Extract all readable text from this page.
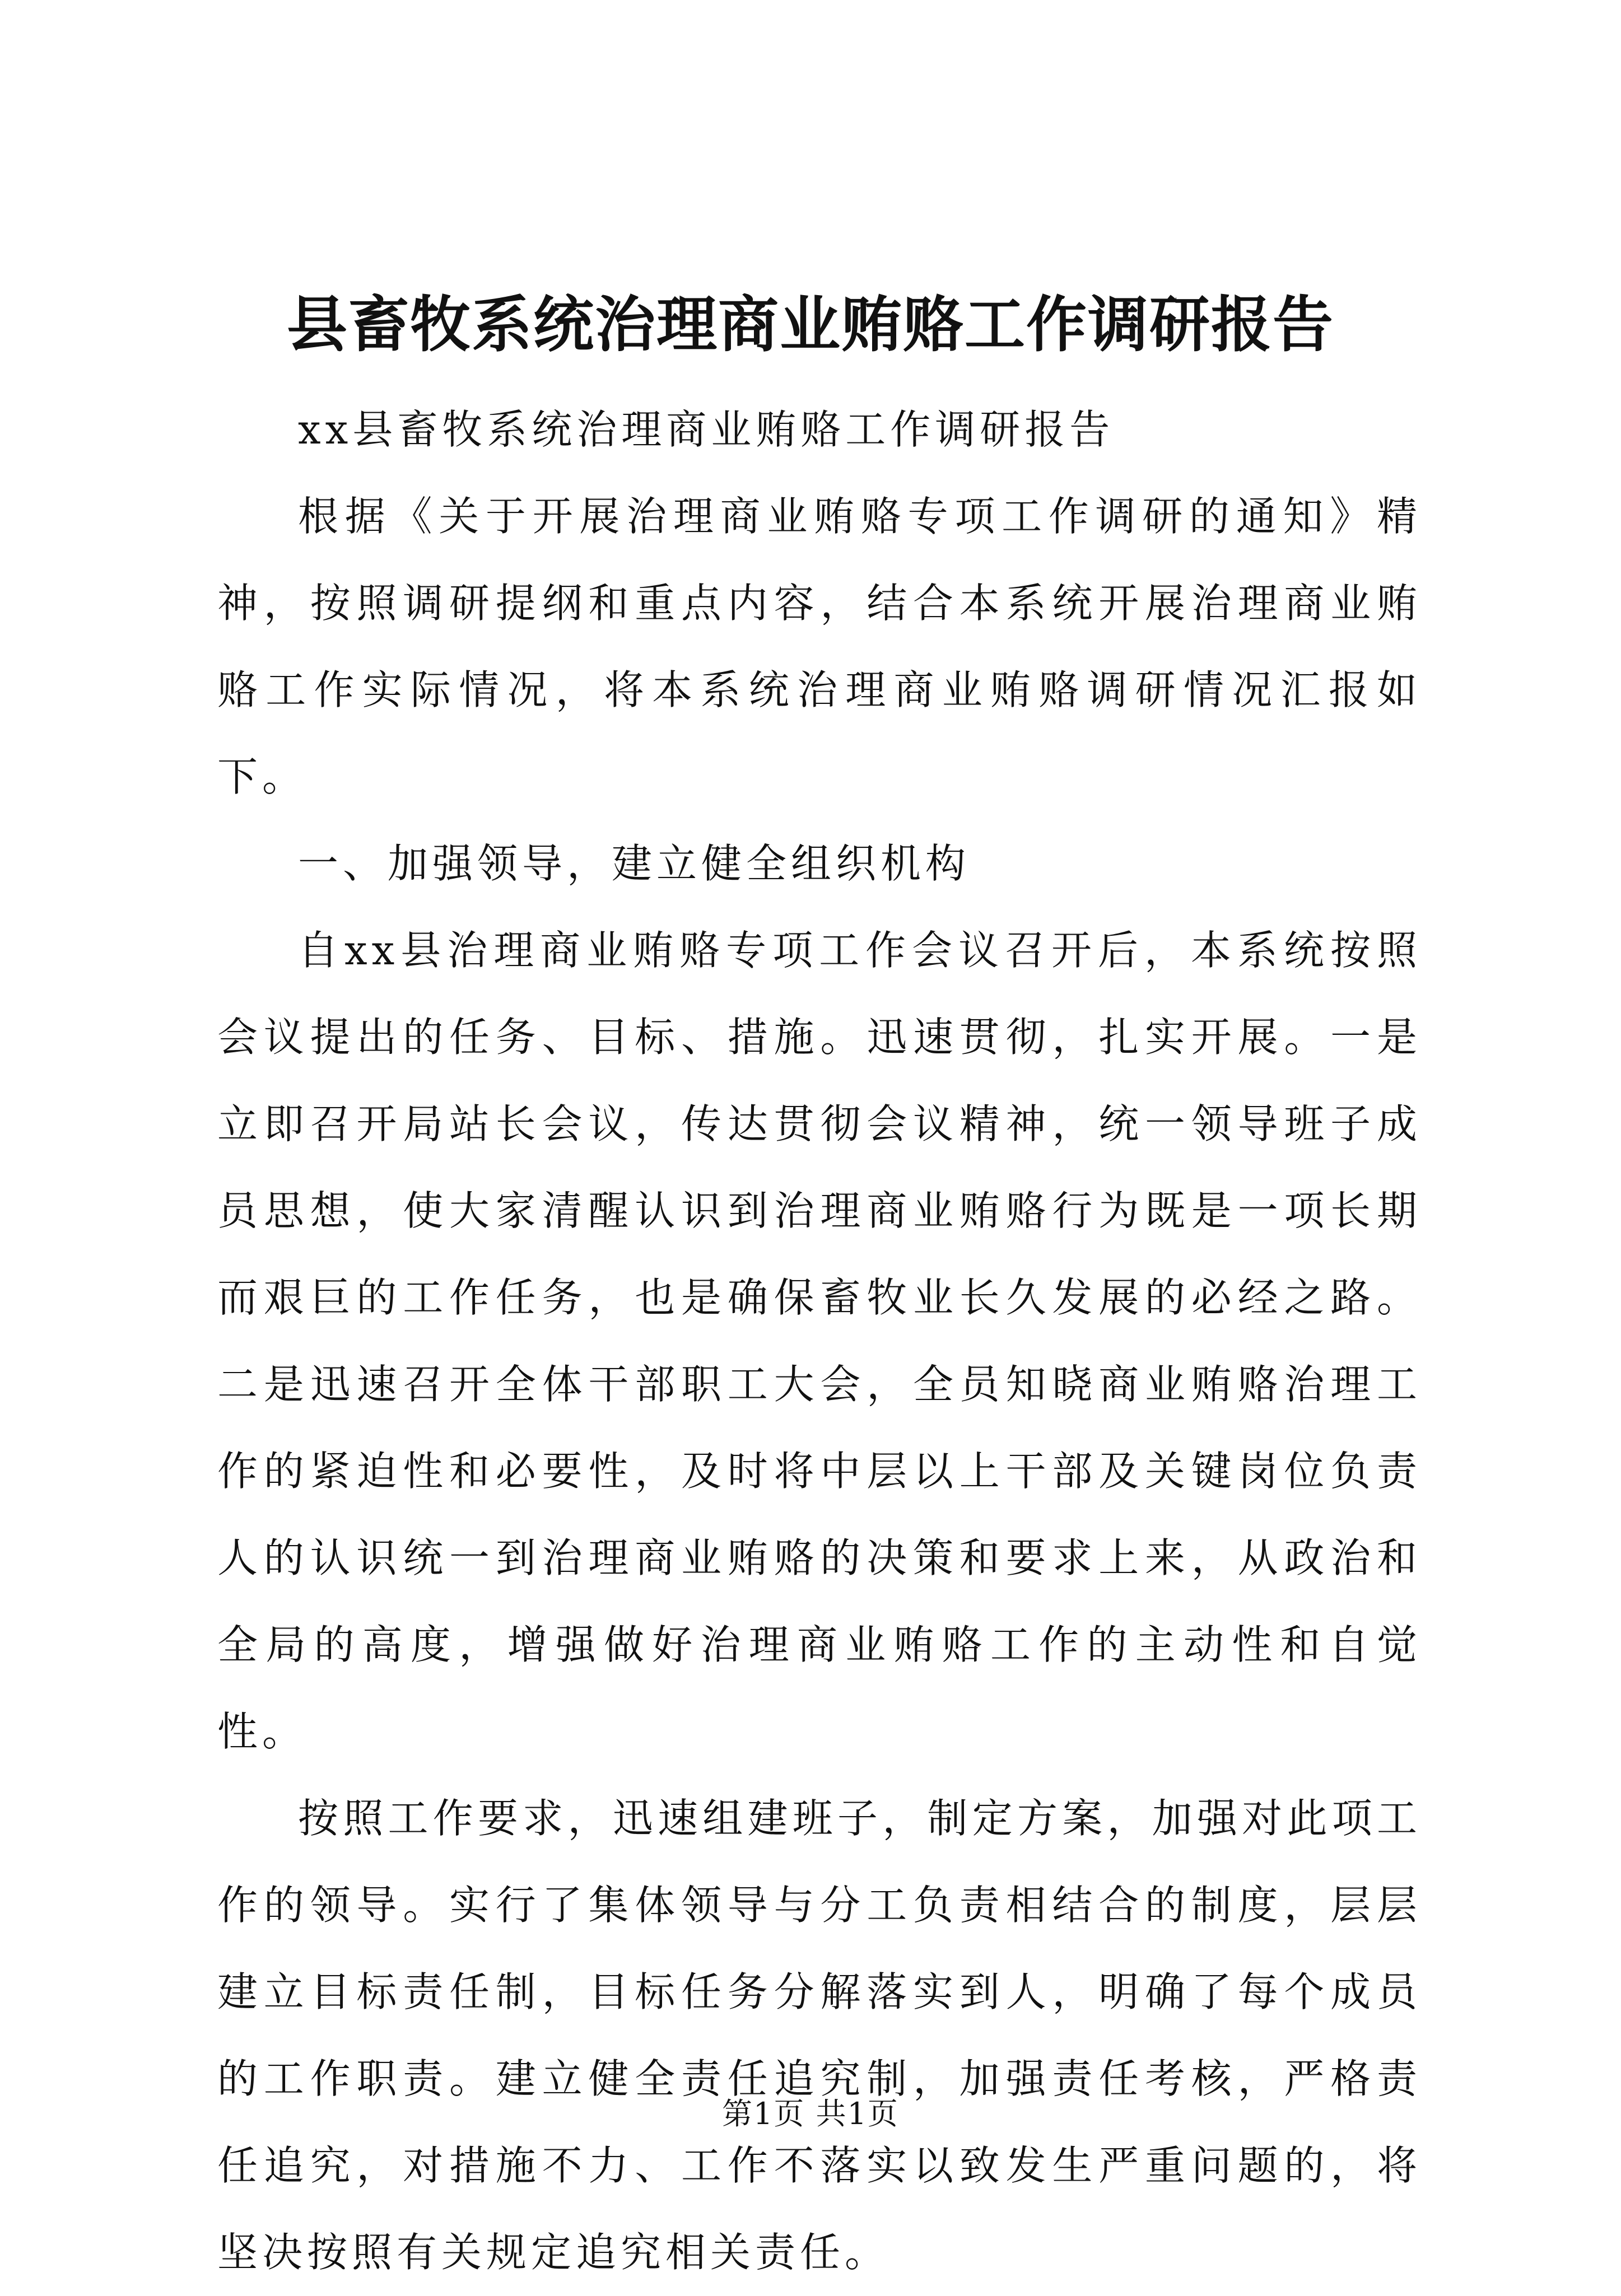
县畜牧系统治理商业贿赂工作调研报告

xx县畜牧系统治理商业贿赂工作调研报告

根据《关于开展治理商业贿赂专项工作调研的通知》精神，按照调研提纲和重点内容，结合本系统开展治理商业贿赂工作实际情况，将本系统治理商业贿赂调研情况汇报如下。

一、加强领导，建立健全组织机构

自xx县治理商业贿赂专项工作会议召开后，本系统按照会议提出的任务、目标、措施。迅速贯彻，扎实开展。一是立即召开局站长会议，传达贯彻会议精神，统一领导班子成员思想，使大家清醒认识到治理商业贿赂行为既是一项长期而艰巨的工作任务，也是确保畜牧业长久发展的必经之路。二是迅速召开全体干部职工大会，全员知晓商业贿赂治理工作的紧迫性和必要性，及时将中层以上干部及关键岗位负责人的认识统一到治理商业贿赂的决策和要求上来，从政治和全局的高度，增强做好治理商业贿赂工作的主动性和自觉性。

按照工作要求，迅速组建班子，制定方案，加强对此项工作的领导。实行了集体领导与分工负责相结合的制度，层层建立目标责任制，目标任务分解落实到人，明确了每个成员的工作职责。建立健全责任追究制，加强责任考核，严格责任追究，对措施不力、工作不落实以致发生严重问题的，将坚决按照有关规定追究相关责任。

第1页 共1页
